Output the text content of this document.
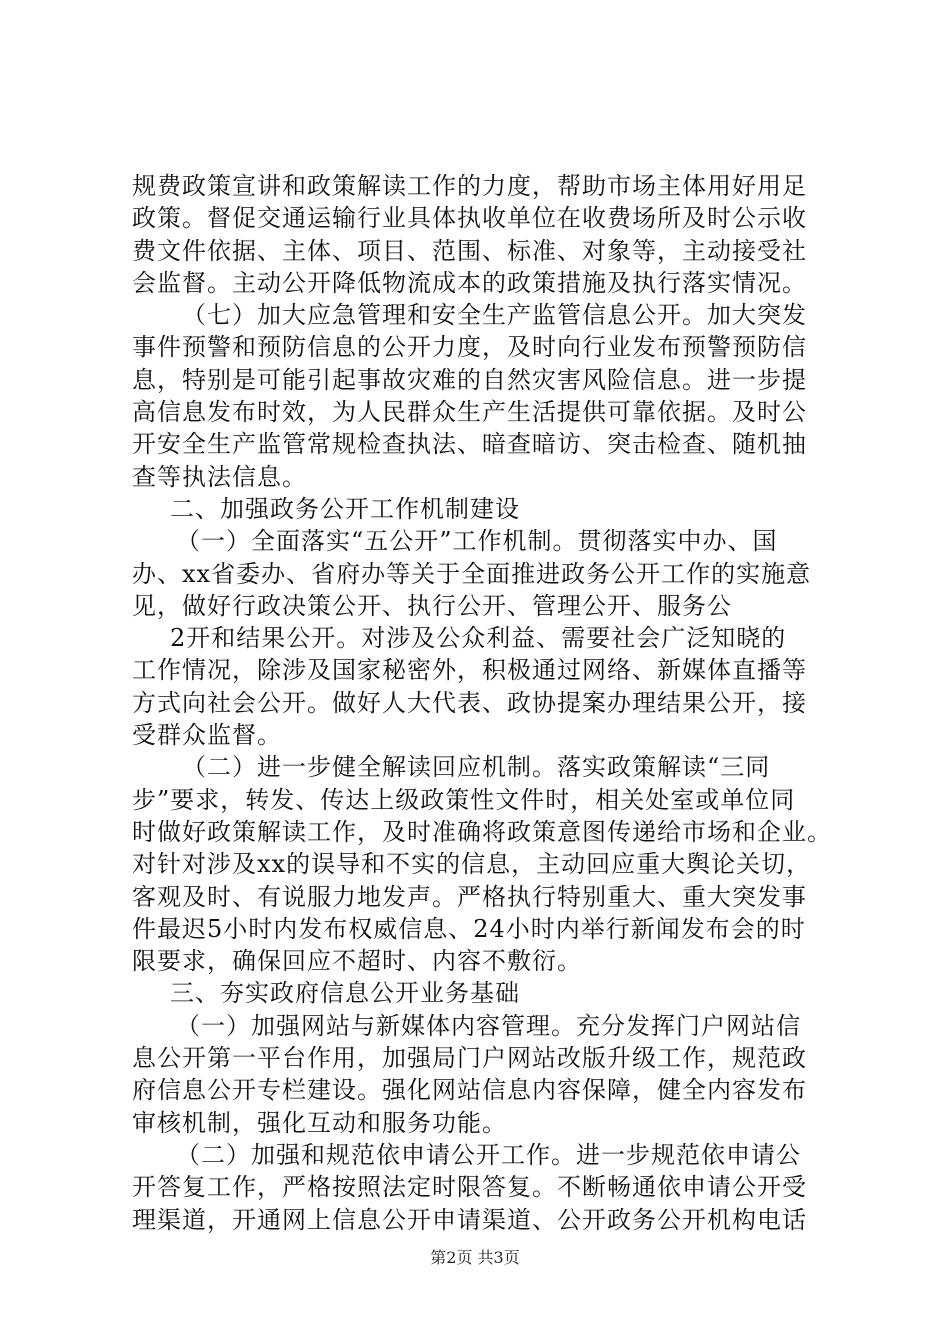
规费政策宣讲和政策解读工作的力度，帮助市场主体用好用足
政策。督促交通运输行业具体执收单位在收费场所及时公示收
费文件依据、主体、项目、范围、标准、对象等，主动接受社
会监督。主动公开降低物流成本的政策措施及执行落实情况。
（七）加大应急管理和安全生产监管信息公开。加大突发
事件预警和预防信息的公开力度，及时向行业发布预警预防信
息，特别是可能引起事故灾难的自然灾害风险信息。进一步提
高信息发布时效，为人民群众生产生活提供可靠依据。及时公
开安全生产监管常规检查执法、暗查暗访、突击检查、随机抽
查等执法信息。
二、加强政务公开工作机制建设
（一）全面落实“五公开”工作机制。贯彻落实中办、国
办、xx省委办、省府办等关于全面推进政务公开工作的实施意
见，做好行政决策公开、执行公开、管理公开、服务公
2开和结果公开。对涉及公众利益、需要社会广泛知晓的
工作情况，除涉及国家秘密外，积极通过网络、新媒体直播等
方式向社会公开。做好人大代表、政协提案办理结果公开，接
受群众监督。
（二）进一步健全解读回应机制。落实政策解读“三同
步”要求，转发、传达上级政策性文件时，相关处室或单位同
时做好政策解读工作，及时准确将政策意图传递给市场和企业。
对针对涉及xx的误导和不实的信息，主动回应重大舆论关切，
客观及时、有说服力地发声。严格执行特别重大、重大突发事
件最迟5小时内发布权威信息、24小时内举行新闻发布会的时
限要求，确保回应不超时、内容不敷衍。
三、夯实政府信息公开业务基础
（一）加强网站与新媒体内容管理。充分发挥门户网站信
息公开第一平台作用，加强局门户网站改版升级工作，规范政
府信息公开专栏建设。强化网站信息内容保障，健全内容发布
审核机制，强化互动和服务功能。
（二）加强和规范依申请公开工作。进一步规范依申请公
开答复工作，严格按照法定时限答复。不断畅通依申请公开受
理渠道，开通网上信息公开申请渠道、公开政务公开机构电话
第2页 共3页
